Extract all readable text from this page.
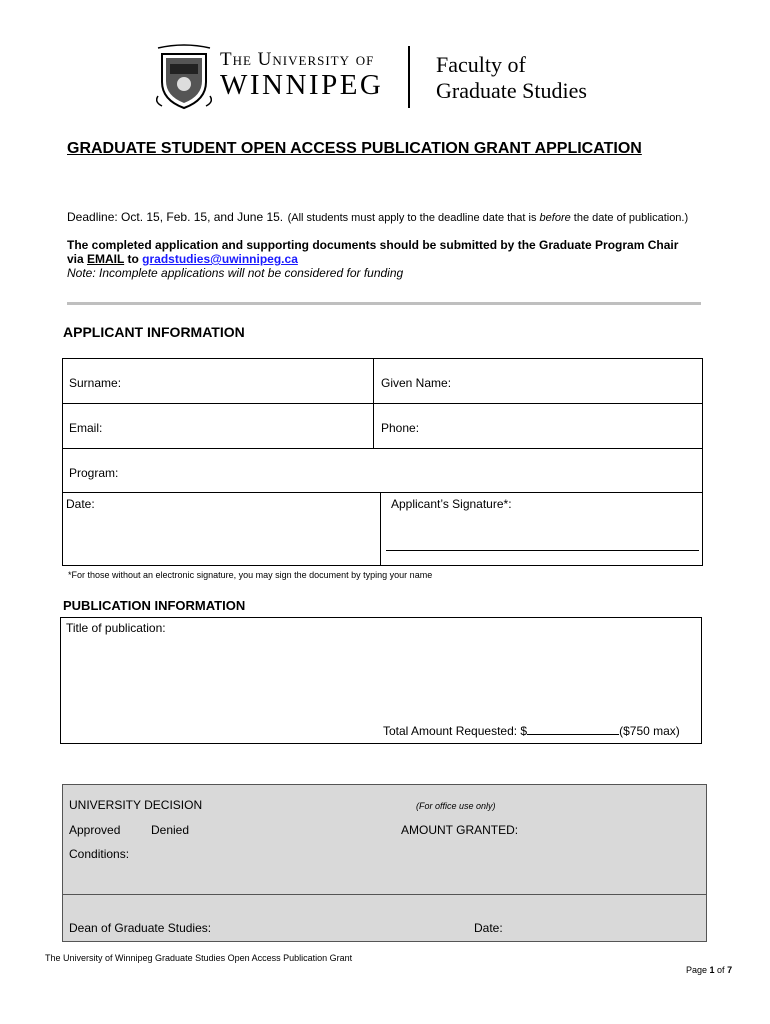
The University of
WINNIPEG
Faculty of
Graduate Studies
GRADUATE STUDENT OPEN ACCESS PUBLICATION GRANT APPLICATION
Deadline: Oct. 15, Feb. 15, and June 15. (All students must apply to the deadline date that is before the date of publication.)
The completed application and supporting documents should be submitted by the Graduate Program Chair
via EMAIL to gradstudies@uwinnipeg.ca
Note: Incomplete applications will not be considered for funding
APPLICANT INFORMATION
Surname:	Given Name:
Email:	Phone:
Program:
Date:	Applicant’s Signature*:
*For those without an electronic signature, you may sign the document by typing your name
PUBLICATION INFORMATION
Title of publication:
Total Amount Requested: $	($750 max)
UNIVERSITY DECISION	(For office use only)
Approved	Denied	AMOUNT GRANTED:
Conditions:
Dean of Graduate Studies:	Date:
The University of Winnipeg Graduate Studies Open Access Publication Grant
Page 1 of 7
